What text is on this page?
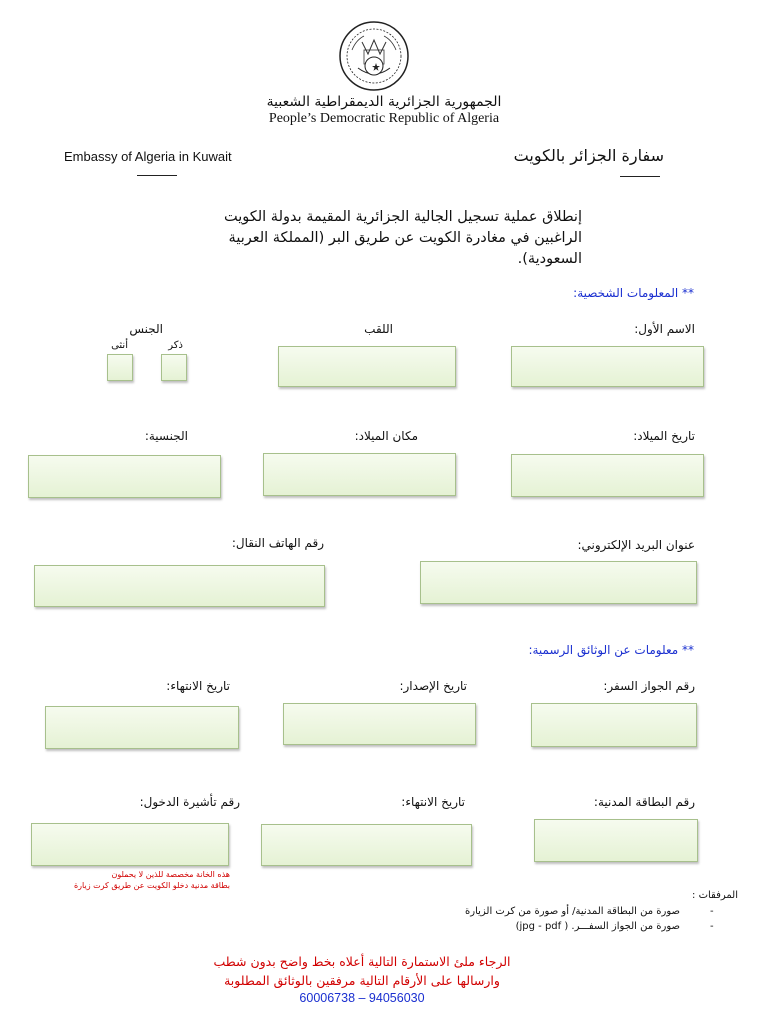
الجمهورية الجزائرية الديمقراطية الشعبية
People’s Democratic Republic of Algeria
Embassy of Algeria in Kuwait	سفارة الجزائر بالكويت
إنطلاق عملية تسجيل الجالية الجزائرية المقيمة بدولة الكويت
الراغبين في مغادرة الكويت عن طريق البر (المملكة العربية السعودية).
** المعلومات الشخصية:
الاسم الأول:
اللقب
الجنس
ذكر
أنثى
تاريخ الميلاد:
مكان الميلاد:
الجنسية:
عنوان البريد الإلكتروني:
رقم الهاتف النقال:
** معلومات عن الوثائق الرسمية:
رقم الجواز السفر:
تاريخ الإصدار:
تاريخ الانتهاء:
رقم البطاقة المدنية:
تاريخ الانتهاء:
رقم تأشيرة الدخول:
هذه الخانة مخصصة للذين لا يحملون
بطاقة مدنية دخلو الكويت عن طريق كرت زيارة
المرفقات :
صورة من البطاقة المدنية/ أو صورة من كرت الزيارة	-
صورة من الجواز السفـــر. ( jpg - pdf)	-
الرجاء ملئ الاستمارة التالية أعلاه بخط واضح بدون شطب
وارسالها على الأرقام التالية مرفقين بالوثائق المطلوبة
60006738 – 94056030
